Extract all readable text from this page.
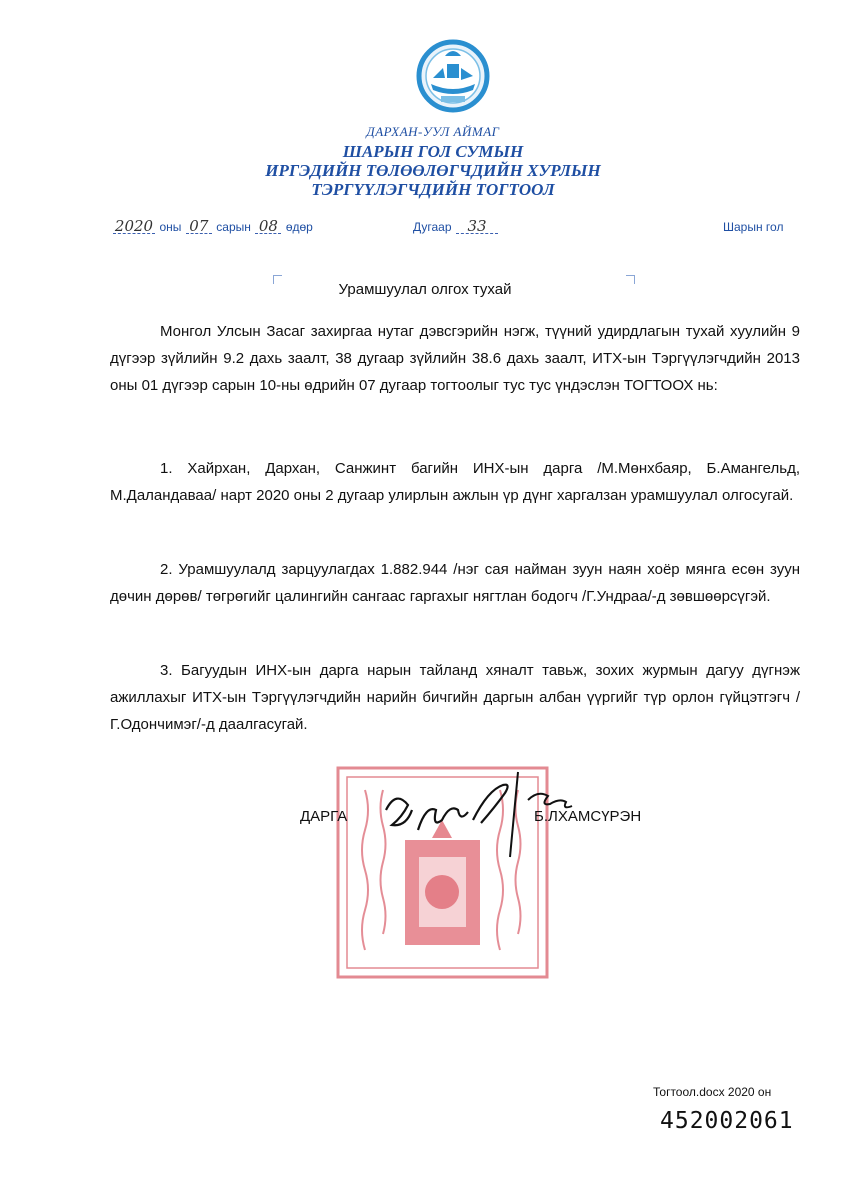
ДАРХАН-УУЛ АЙМАГ
ШАРЫН ГОЛ СУМЫН
ИРГЭДИЙН ТӨЛӨӨЛӨГЧДИЙН ХУРЛЫН
ТЭРГҮҮЛЭГЧДИЙН ТОГТООЛ
2020 оны 07 сарын 08 өдөр	Дугаар 33	Шарын гол
Урамшуулал олгох тухай
Монгол Улсын Засаг захиргаа нутаг дэвсгэрийн нэгж, түүний удирдлагын тухай хуулийн 9 дүгээр зүйлийн 9.2 дахь заалт, 38 дугаар зүйлийн 38.6 дахь заалт, ИТХ-ын Тэргүүлэгчдийн 2013 оны 01 дүгээр сарын 10-ны өдрийн 07 дугаар тогтоолыг тус тус үндэслэн ТОГТООХ нь:
1. Хайрхан, Дархан, Санжинт багийн ИНХ-ын дарга /М.Мөнхбаяр, Б.Амангельд, М.Даландаваа/ нарт 2020 оны 2 дугаар улирлын ажлын үр дүнг харгалзан урамшуулал олгосугай.
2. Урамшуулалд зарцуулагдах 1.882.944 /нэг сая найман зуун наян хоёр мянга есөн зуун дөчин дөрөв/ төгрөгийг цалингийн сангаас гаргахыг нягтлан бодогч /Г.Ундраа/-д зөвшөөрсүгэй.
3. Багуудын ИНХ-ын дарга нарын тайланд хяналт тавьж, зохих журмын дагуу дүгнэж ажиллахыг ИТХ-ын Тэргүүлэгчдийн нарийн бичгийн даргын албан үүргийг түр орлон гүйцэтгэгч /Г.Одончимэг/-д даалгасугай.
ДАРГА	Б.ЛХАМСҮРЭН
Тогтоол.docx 2020 он
452002061
